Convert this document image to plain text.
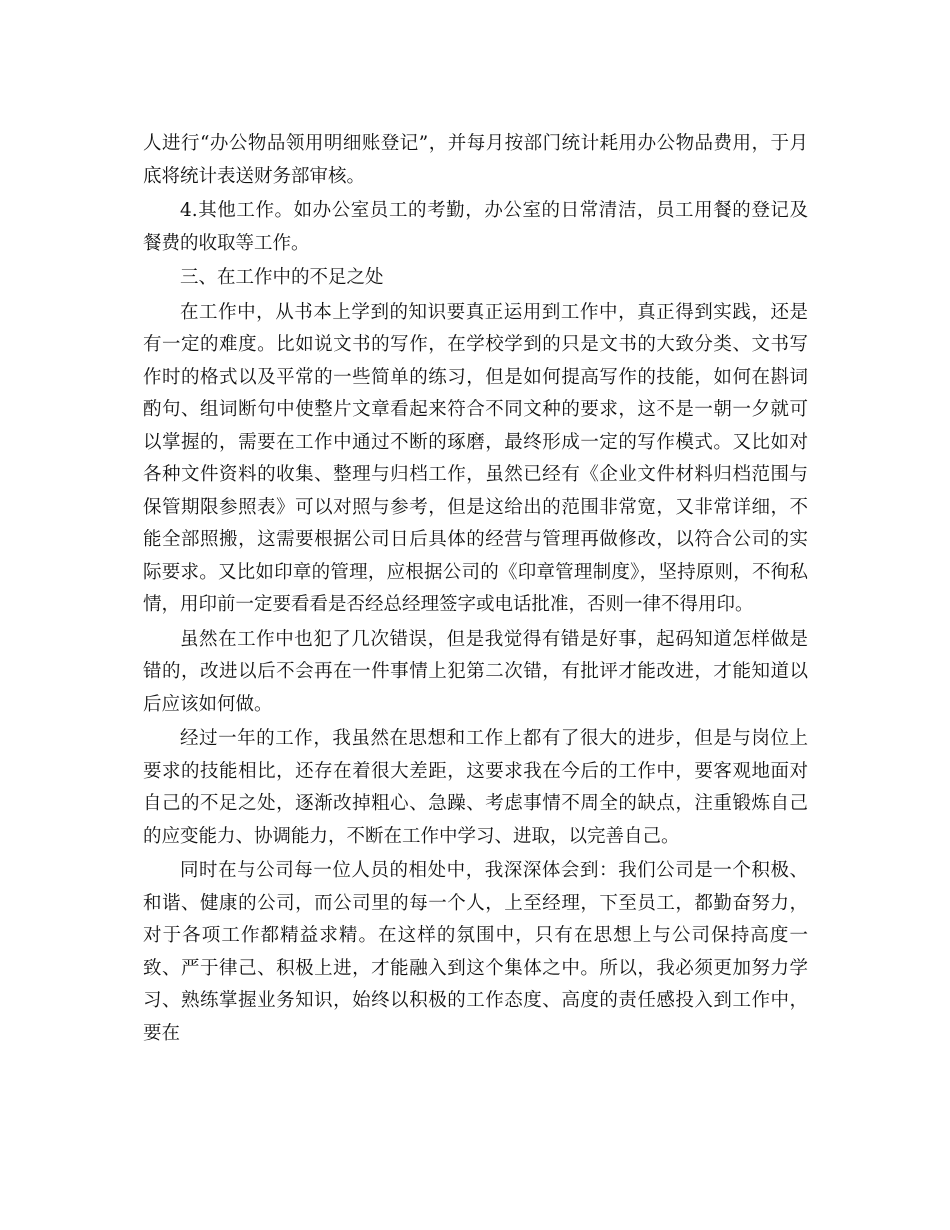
人进行“办公物品领用明细账登记”，并每月按部门统计耗用办公物品费用，于月底将统计表送财务部审核。

4.其他工作。如办公室员工的考勤，办公室的日常清洁，员工用餐的登记及餐费的收取等工作。

三、在工作中的不足之处

在工作中，从书本上学到的知识要真正运用到工作中，真正得到实践，还是有一定的难度。比如说文书的写作，在学校学到的只是文书的大致分类、文书写作时的格式以及平常的一些简单的练习，但是如何提高写作的技能，如何在斟词酌句、组词断句中使整片文章看起来符合不同文种的要求，这不是一朝一夕就可以掌握的，需要在工作中通过不断的琢磨，最终形成一定的写作模式。又比如对各种文件资料的收集、整理与归档工作，虽然已经有《企业文件材料归档范围与保管期限参照表》可以对照与参考，但是这给出的范围非常宽，又非常详细，不能全部照搬，这需要根据公司日后具体的经营与管理再做修改，以符合公司的实际要求。又比如印章的管理，应根据公司的《印章管理制度》，坚持原则，不徇私情，用印前一定要看看是否经总经理签字或电话批准，否则一律不得用印。

虽然在工作中也犯了几次错误，但是我觉得有错是好事，起码知道怎样做是错的，改进以后不会再在一件事情上犯第二次错，有批评才能改进，才能知道以后应该如何做。

经过一年的工作，我虽然在思想和工作上都有了很大的进步，但是与岗位上要求的技能相比，还存在着很大差距，这要求我在今后的工作中，要客观地面对自己的不足之处，逐渐改掉粗心、急躁、考虑事情不周全的缺点，注重锻炼自己的应变能力、协调能力，不断在工作中学习、进取，以完善自己。

同时在与公司每一位人员的相处中，我深深体会到：我们公司是一个积极、和谐、健康的公司，而公司里的每一个人，上至经理，下至员工，都勤奋努力，对于各项工作都精益求精。在这样的氛围中，只有在思想上与公司保持高度一致、严于律己、积极上进，才能融入到这个集体之中。所以，我必须更加努力学习、熟练掌握业务知识，始终以积极的工作态度、高度的责任感投入到工作中，要在
